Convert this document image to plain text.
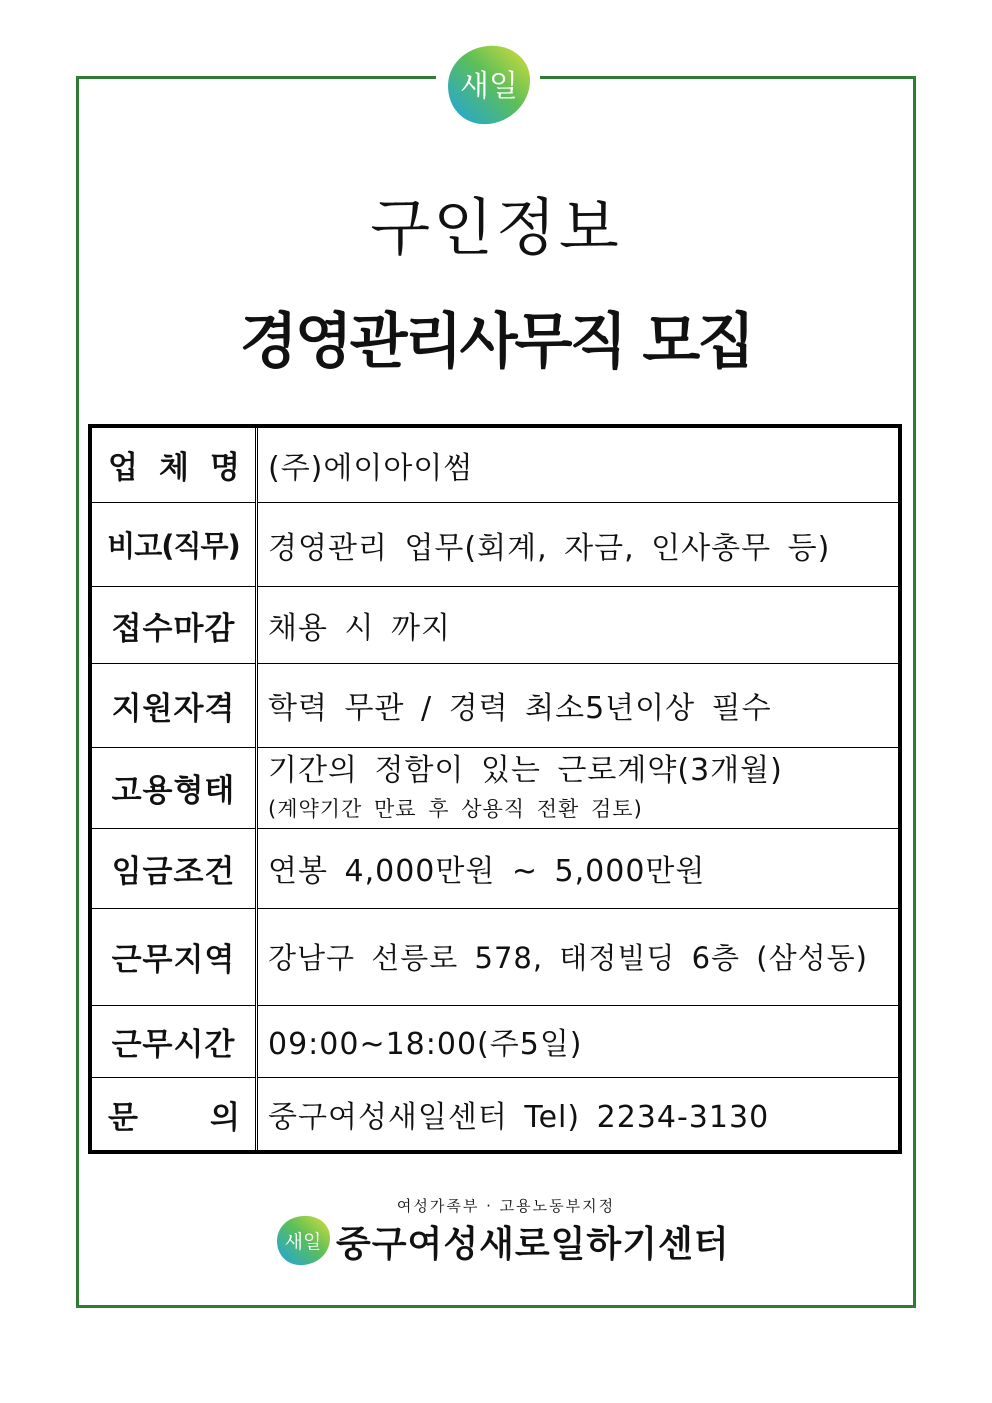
새일
구인정보
경영관리사무직 모집
업 체 명	(주)에이아이썸
비고(직무)	경영관리 업무(회계, 자금, 인사총무 등)
접수마감	채용 시 까지
지원자격	학력 무관 / 경력 최소5년이상 필수
고용형태	기간의 정함이 있는 근로계약(3개월)
(계약기간 만료 후 상용직 전환 검토)

임금조건	연봉 4,000만원 ~ 5,000만원
근무지역	강남구 선릉로 578, 태정빌딩 6층 (삼성동)
근무시간	09:00~18:00(주5일)

문 의	중구여성새일센터 Tel) 2234-3130
여성가족부 · 고용노동부지정
새일 중구여성새로일하기센터
